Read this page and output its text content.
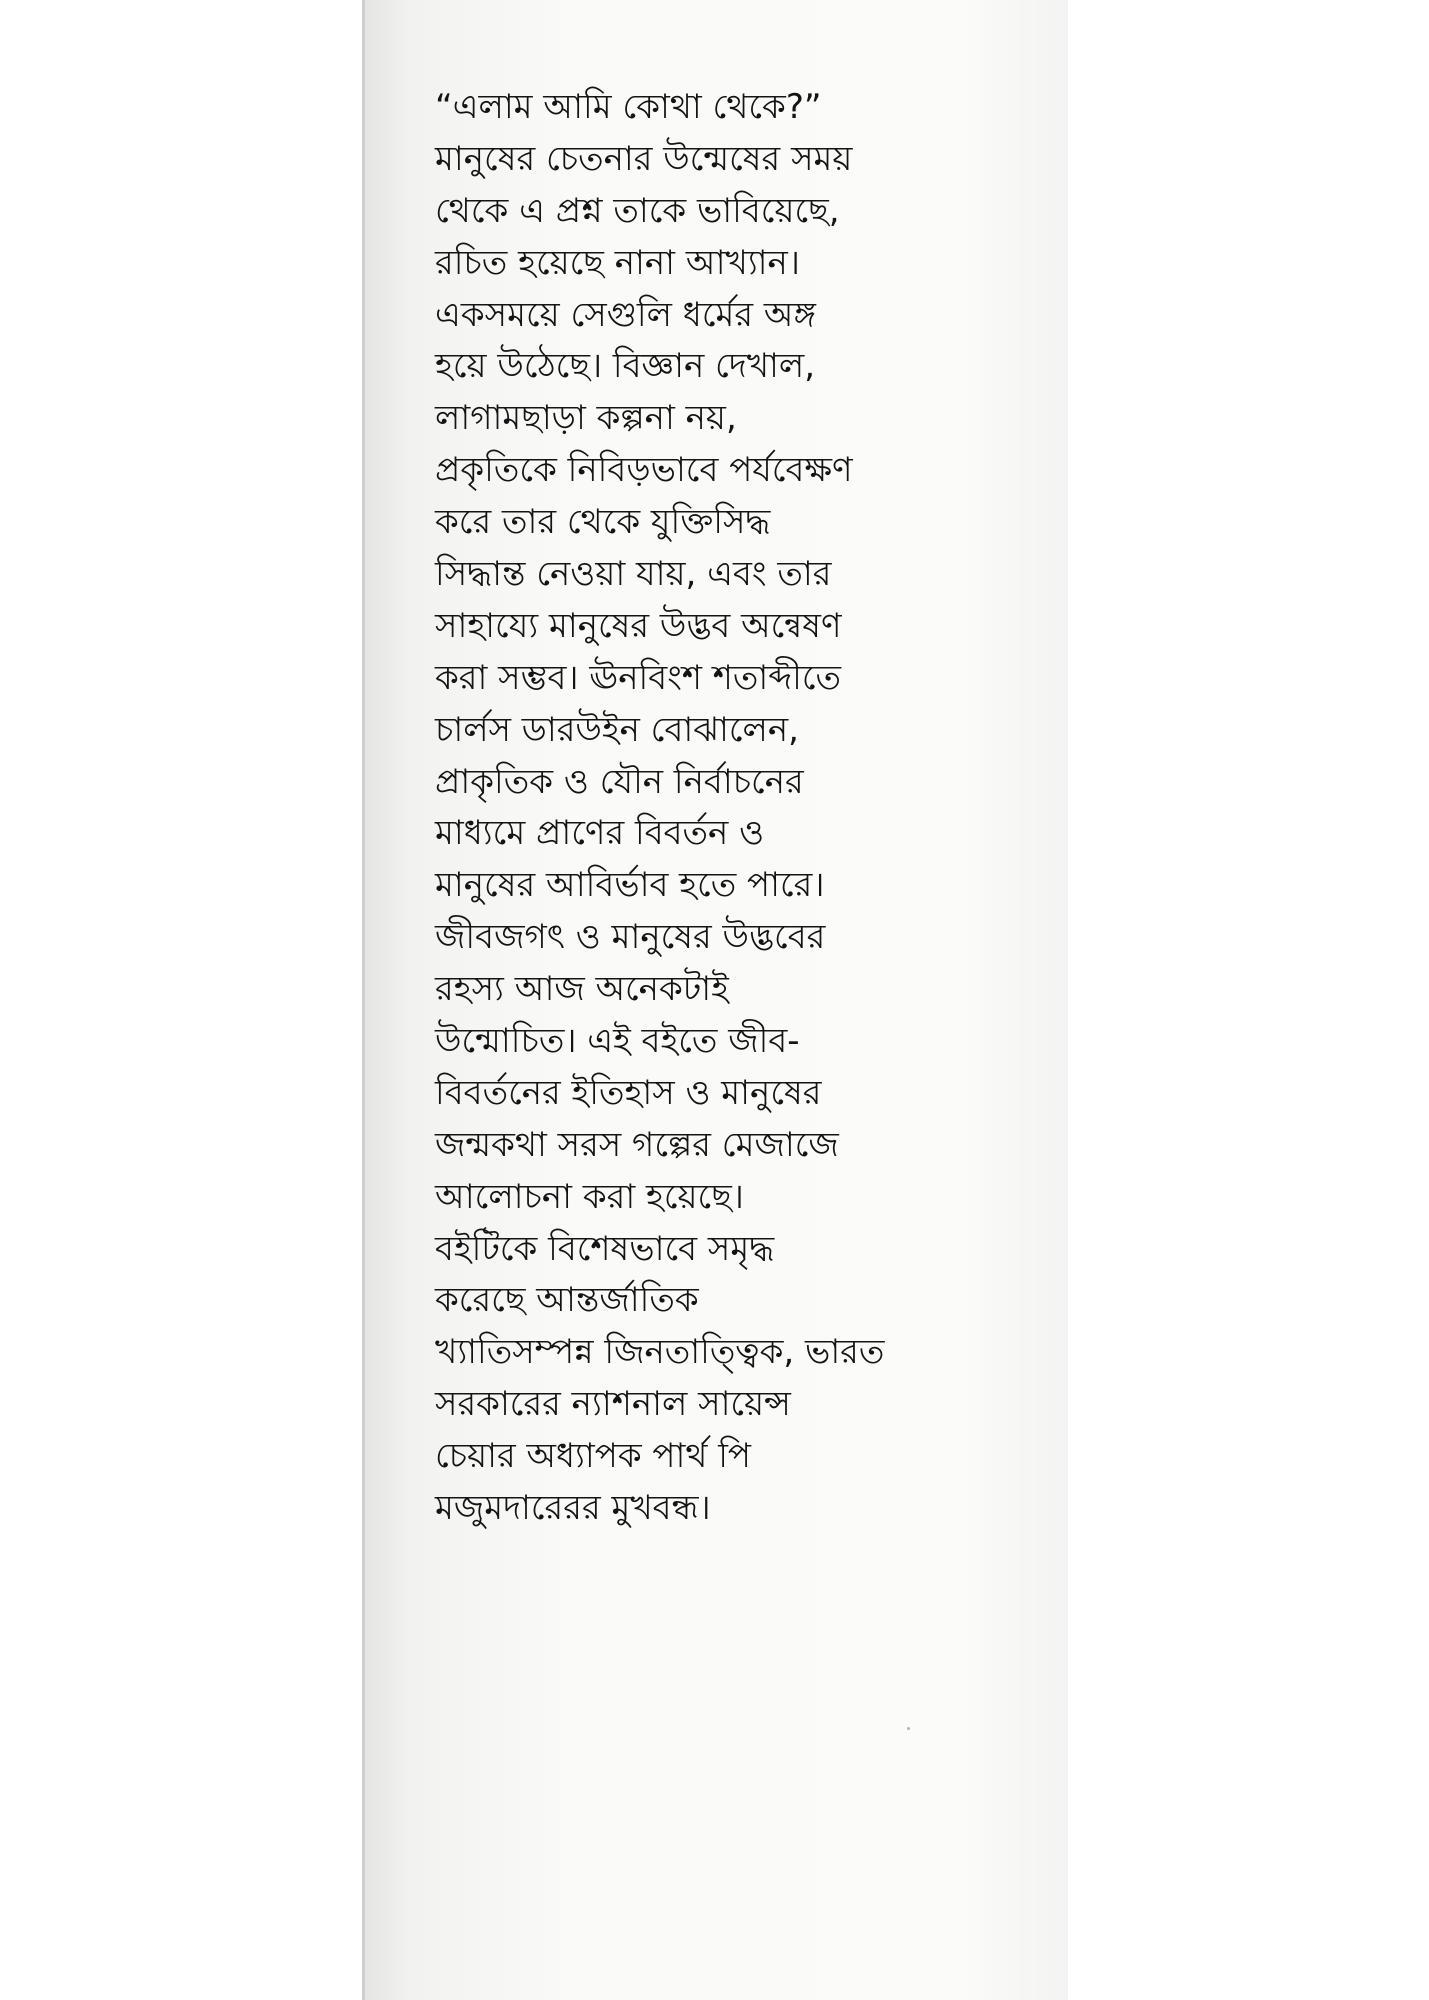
“এলাম আমি কোথা থেকে?”
মানুষের চেতনার উন্মেষের সময়
থেকে এ প্রশ্ন তাকে ভাবিয়েছে,
রচিত হয়েছে নানা আখ্যান।
একসময়ে সেগুলি ধর্মের অঙ্গ
হয়ে উঠেছে। বিজ্ঞান দেখাল,
লাগামছাড়া কল্পনা নয়,
প্রকৃতিকে নিবিড়ভাবে পর্যবেক্ষণ
করে তার থেকে যুক্তিসিদ্ধ
সিদ্ধান্ত নেওয়া যায়, এবং তার
সাহায্যে মানুষের উদ্ভব অন্বেষণ
করা সম্ভব। ঊনবিংশ শতাব্দীতে
চার্লস ডারউইন বোঝালেন,
প্রাকৃতিক ও যৌন নির্বাচনের
মাধ্যমে প্রাণের বিবর্তন ও
মানুষের আবির্ভাব হতে পারে।
জীবজগৎ ও মানুষের উদ্ভবের
রহস্য আজ অনেকটাই
উন্মোচিত। এই বইতে জীব-
বিবর্তনের ইতিহাস ও মানুষের
জন্মকথা সরস গল্পের মেজাজে
আলোচনা করা হয়েছে।
বইটিকে বিশেষভাবে সমৃদ্ধ
করেছে আন্তর্জাতিক
খ্যাতিসম্পন্ন জিনতাত্ত্বিক, ভারত
সরকারের ন্যাশনাল সায়েন্স
চেয়ার অধ্যাপক পার্থ পি
মজুমদারেরর মুখবন্ধ।
